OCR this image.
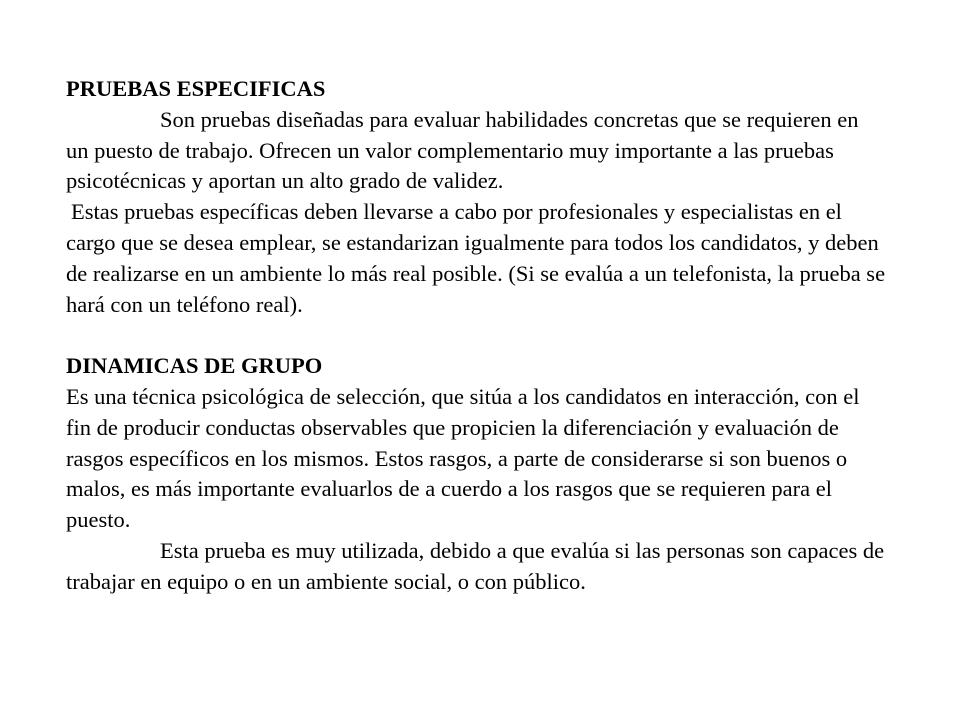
PRUEBAS ESPECIFICAS

Son pruebas diseñadas para evaluar habilidades concretas que se requieren en un puesto de trabajo. Ofrecen un valor complementario muy importante a las pruebas psicotécnicas y aportan un alto grado de validez.

Estas pruebas específicas deben llevarse a cabo por profesionales y especialistas en el cargo que se desea emplear, se estandarizan igualmente para todos los candidatos, y deben de realizarse en un ambiente lo más real posible. (Si se evalúa a un telefonista, la prueba se hará con un teléfono real).

DINAMICAS DE GRUPO

Es una técnica psicológica de selección, que sitúa a los candidatos en interacción, con el fin de producir conductas observables que propicien la diferenciación y evaluación de rasgos específicos en los mismos. Estos rasgos, a parte de considerarse si son buenos o malos, es más importante evaluarlos de a cuerdo a los rasgos que se requieren para el puesto.

Esta prueba es muy utilizada, debido a que evalúa si las personas son capaces de trabajar en equipo o en un ambiente social, o con público.
